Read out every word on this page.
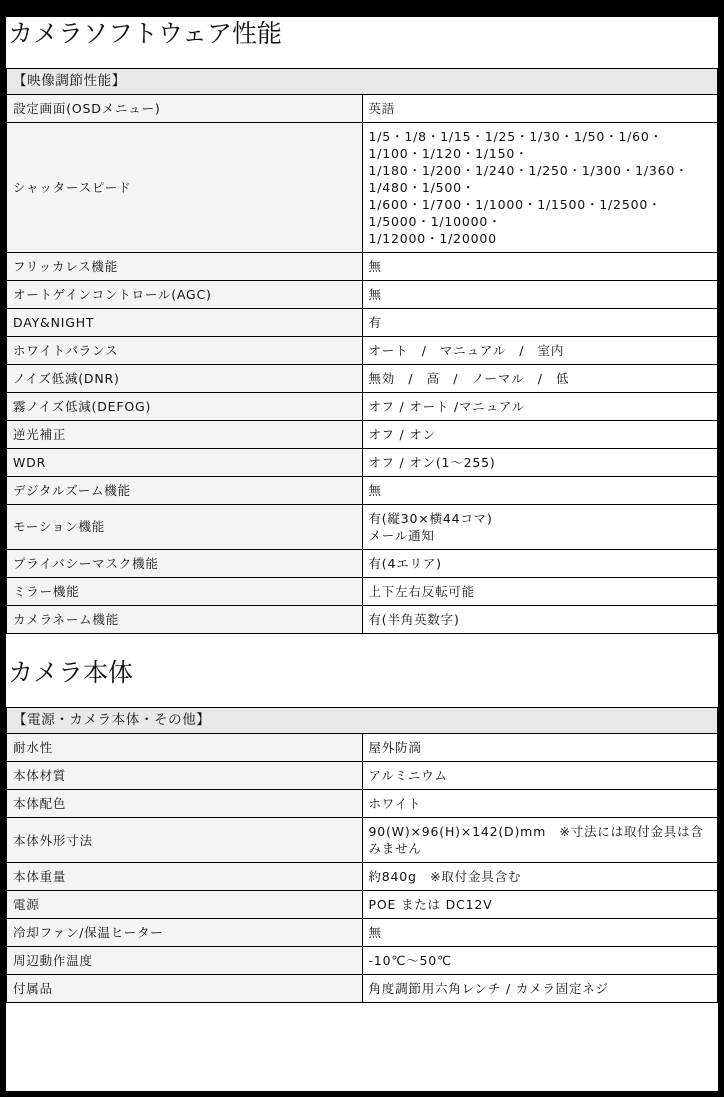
カメラソフトウェア性能
【映像調節性能】	
設定画面(OSDメニュー)	英語

シャッタースピード	1/5・1/8・1/15・1/25・1/30・1/50・1/60・1/100・1/120・1/150・
1/180・1/200・1/240・1/250・1/300・1/360・1/480・1/500・
1/600・1/700・1/1000・1/1500・1/2500・1/5000・1/10000・
1/12000・1/20000

フリッカレス機能	無

オートゲインコントロール(AGC)	無

DAY&NIGHT	有

ホワイトバランス	オート　/　マニュアル　/　室内

ノイズ低減(DNR)	無効　/　高　/　ノーマル　/　低

霧ノイズ低減(DEFOG)	オフ / オート /マニュアル

逆光補正	オフ / オン

WDR	オフ / オン(1〜255)

デジタルズーム機能	無

モーション機能	有(縦30×横44コマ)
メール通知

プライバシーマスク機能	有(4エリア)

ミラー機能	上下左右反転可能

カメラネーム機能	有(半角英数字)
カメラ本体
【電源・カメラ本体・その他】	
耐水性	屋外防滴

本体材質	アルミニウム

本体配色	ホワイト

本体外形寸法	90(W)×96(H)×142(D)mm　※寸法には取付金具は含みません

本体重量	約840g　※取付金具含む

電源	POE または DC12V

冷却ファン/保温ヒーター	無

周辺動作温度	-10℃〜50℃

付属品	角度調節用六角レンチ / カメラ固定ネジ
